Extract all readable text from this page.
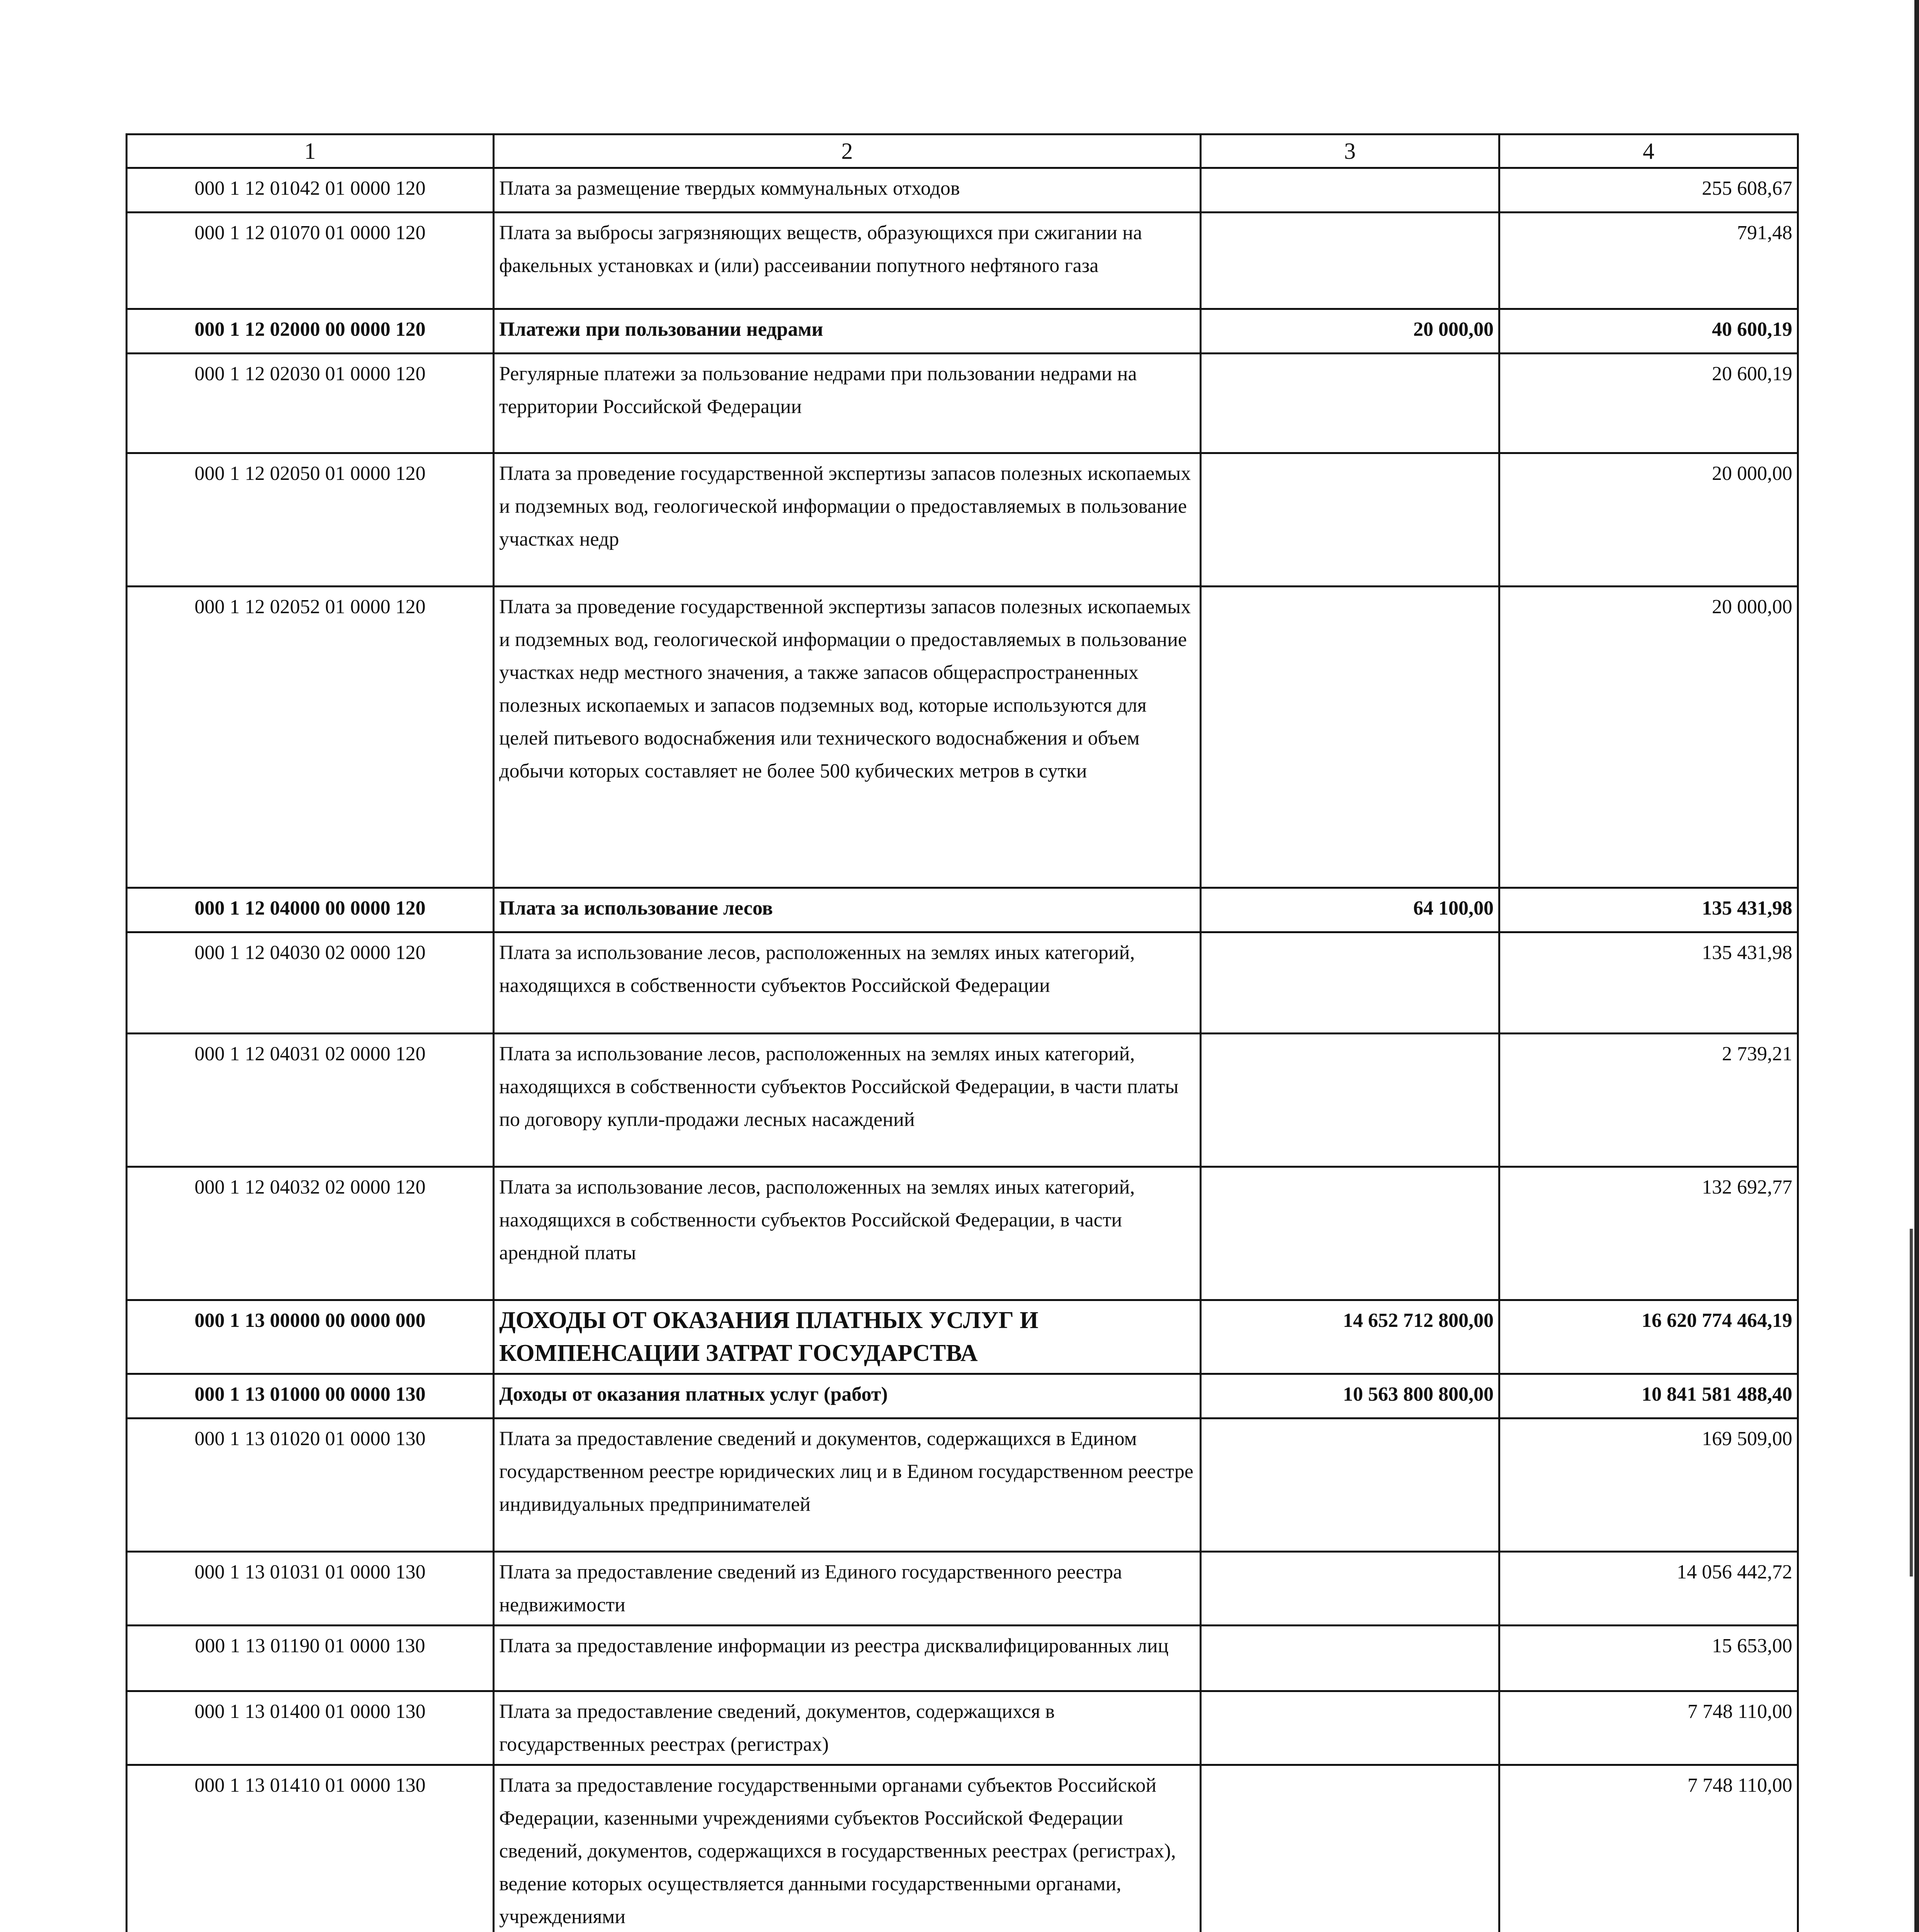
1	2	3	4
000 1 12 01042 01 0000 120	Плата за размещение твердых коммунальных отходов		255 608,67
000 1 12 01070 01 0000 120	Плата за выбросы загрязняющих веществ, образующихся при сжигании на факельных установках и (или) рассеивании попутного нефтяного газа		791,48
000 1 12 02000 00 0000 120	Платежи при пользовании недрами	20 000,00	40 600,19
000 1 12 02030 01 0000 120	Регулярные платежи за пользование недрами при пользовании недрами на территории Российской Федерации		20 600,19
000 1 12 02050 01 0000 120	Плата за проведение государственной экспертизы запасов полезных ископаемых и подземных вод, геологической информации о предоставляемых в пользование участках недр		20 000,00
000 1 12 02052 01 0000 120	Плата за проведение государственной экспертизы запасов полезных ископаемых и подземных вод, геологической информации о предоставляемых в пользование участках недр местного значения, а также запасов общераспространенных полезных ископаемых и запасов подземных вод, которые используются для целей питьевого водоснабжения или технического водоснабжения и объем добычи которых составляет не более 500 кубических метров в сутки		20 000,00
000 1 12 04000 00 0000 120	Плата за использование лесов	64 100,00	135 431,98
000 1 12 04030 02 0000 120	Плата за использование лесов, расположенных на землях иных категорий, находящихся в собственности субъектов Российской Федерации		135 431,98
000 1 12 04031 02 0000 120	Плата за использование лесов, расположенных на землях иных категорий, находящихся в собственности субъектов Российской Федерации, в части платы по договору купли-продажи лесных насаждений		2 739,21
000 1 12 04032 02 0000 120	Плата за использование лесов, расположенных на землях иных категорий, находящихся в собственности субъектов Российской Федерации, в части арендной платы		132 692,77
000 1 13 00000 00 0000 000	ДОХОДЫ ОТ ОКАЗАНИЯ ПЛАТНЫХ УСЛУГ И КОМПЕНСАЦИИ ЗАТРАТ ГОСУДАРСТВА	14 652 712 800,00	16 620 774 464,19
000 1 13 01000 00 0000 130	Доходы от оказания платных услуг (работ)	10 563 800 800,00	10 841 581 488,40
000 1 13 01020 01 0000 130	Плата за предоставление сведений и документов, содержащихся в Едином государственном реестре юридических лиц и в Едином государственном реестре индивидуальных предпринимателей		169 509,00
000 1 13 01031 01 0000 130	Плата за предоставление сведений из Единого государственного реестра недвижимости		14 056 442,72
000 1 13 01190 01 0000 130	Плата за предоставление информации из реестра дисквалифицированных лиц		15 653,00
000 1 13 01400 01 0000 130	Плата за предоставление сведений, документов, содержащихся в государственных реестрах (регистрах)		7 748 110,00
000 1 13 01410 01 0000 130	Плата за предоставление государственными органами субъектов Российской Федерации, казенными учреждениями субъектов Российской Федерации сведений, документов, содержащихся в государственных реестрах (регистрах), ведение которых осуществляется данными государственными органами, учреждениями		7 748 110,00
